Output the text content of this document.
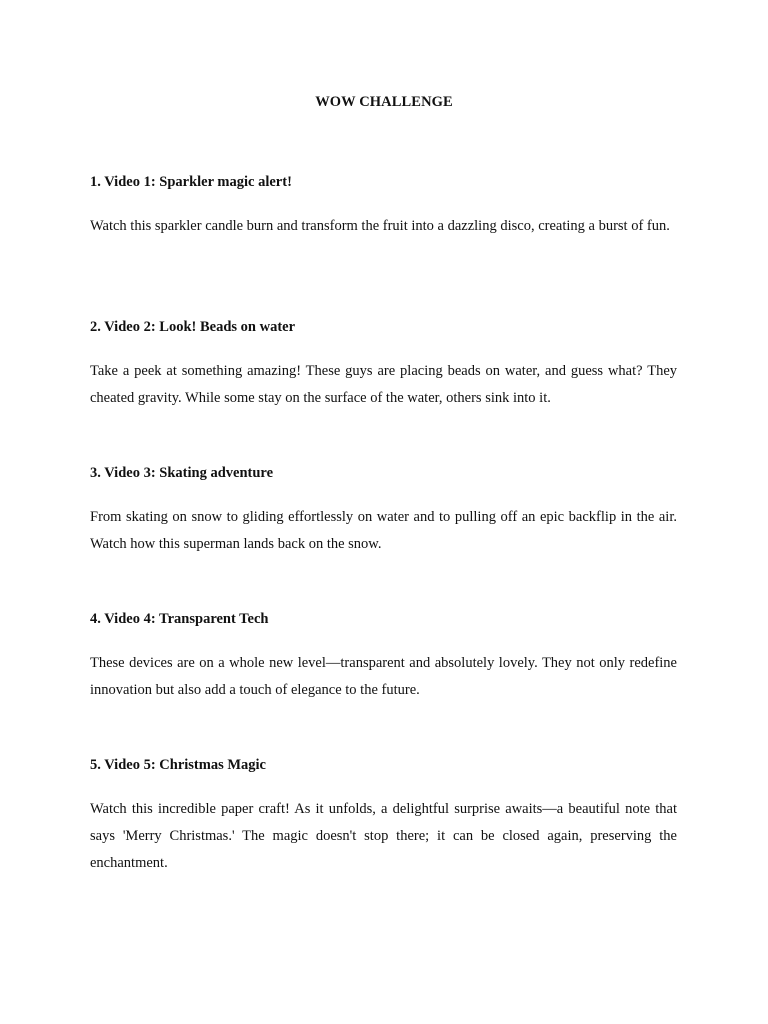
WOW CHALLENGE

1. Video 1: Sparkler magic alert!

Watch this sparkler candle burn and transform the fruit into a dazzling disco, creating a burst of fun.

2. Video 2: Look! Beads on water

Take a peek at something amazing! These guys are placing beads on water, and guess what? They cheated gravity. While some stay on the surface of the water, others sink into it.

3. Video 3: Skating adventure

From skating on snow to gliding effortlessly on water and to pulling off an epic backflip in the air. Watch how this superman lands back on the snow.

4. Video 4: Transparent Tech

These devices are on a whole new level—transparent and absolutely lovely. They not only redefine innovation but also add a touch of elegance to the future.

5. Video 5: Christmas Magic

Watch this incredible paper craft! As it unfolds, a delightful surprise awaits—a beautiful note that says 'Merry Christmas.' The magic doesn't stop there; it can be closed again, preserving the enchantment.
